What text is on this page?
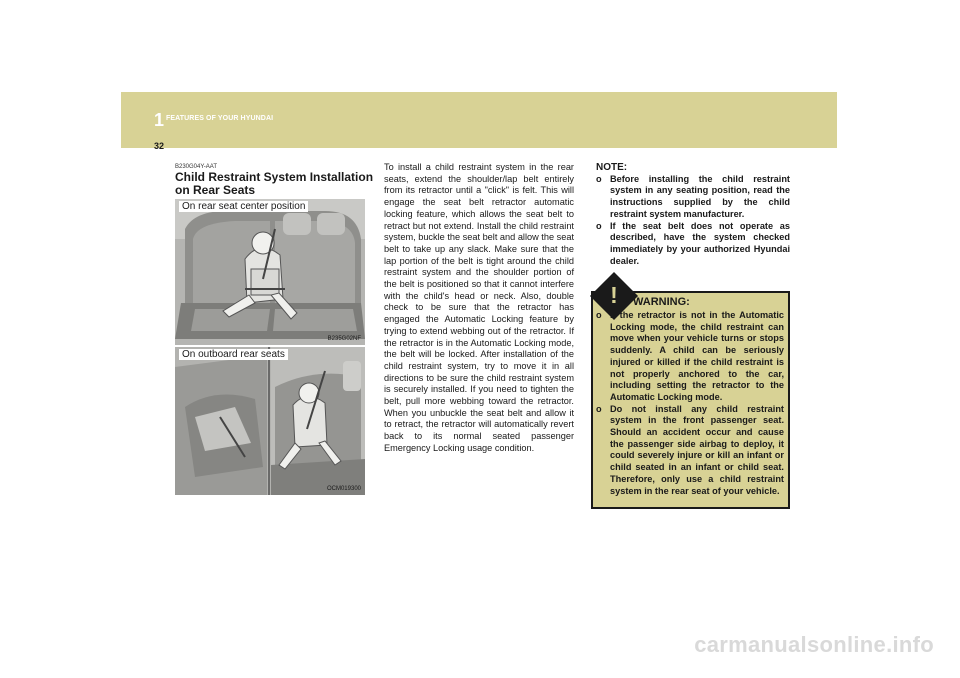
1 FEATURES OF YOUR HYUNDAI
32
B230G04Y-AAT
Child Restraint System Installation on Rear Seats
On rear seat center position
B235G02NF
On outboard rear seats
OCM019300
To install a child restraint system in the rear seats, extend the shoulder/lap belt entirely from its retractor until a "click" is felt. This will engage the seat belt retractor automatic locking feature, which allows the seat belt to retract but not extend. Install the child restraint system, buckle the seat belt and allow the seat belt to take up any slack. Make sure that the lap portion of the belt is tight around the child restraint system and the shoulder portion of the belt is positioned so that it cannot interfere with the child's head or neck. Also, double check to be sure that the retractor has engaged the Automatic Locking feature by trying to extend webbing out of the retractor. If the retractor is in the Automatic Locking mode, the belt will be locked. After installation of the child restraint system, try to move it in all directions to be sure the child restraint system is securely installed. If you need to tighten the belt, pull more webbing toward the retractor. When you unbuckle the seat belt and allow it to retract, the retractor will automatically revert back to its normal seated passenger Emergency Locking usage condition.
NOTE:
o Before installing the child restraint system in any seating position, read the instructions supplied by the child restraint system manufacturer.
o If the seat belt does not operate as described, have the system checked immediately by your authorized Hyundai dealer.
!	WARNING:
o If the retractor is not in the Automatic Locking mode, the child restraint can move when your vehicle turns or stops suddenly. A child can be seriously injured or killed if the child restraint is not properly anchored to the car, including setting the retractor to the Automatic Locking mode.
o Do not install any child restraint system in the front passenger seat. Should an accident occur and cause the passenger side airbag to deploy, it could severely injure or kill an infant or child seated in an infant or child seat. Therefore, only use a child restraint system in the rear seat of your vehicle.
carmanualsonline.info
